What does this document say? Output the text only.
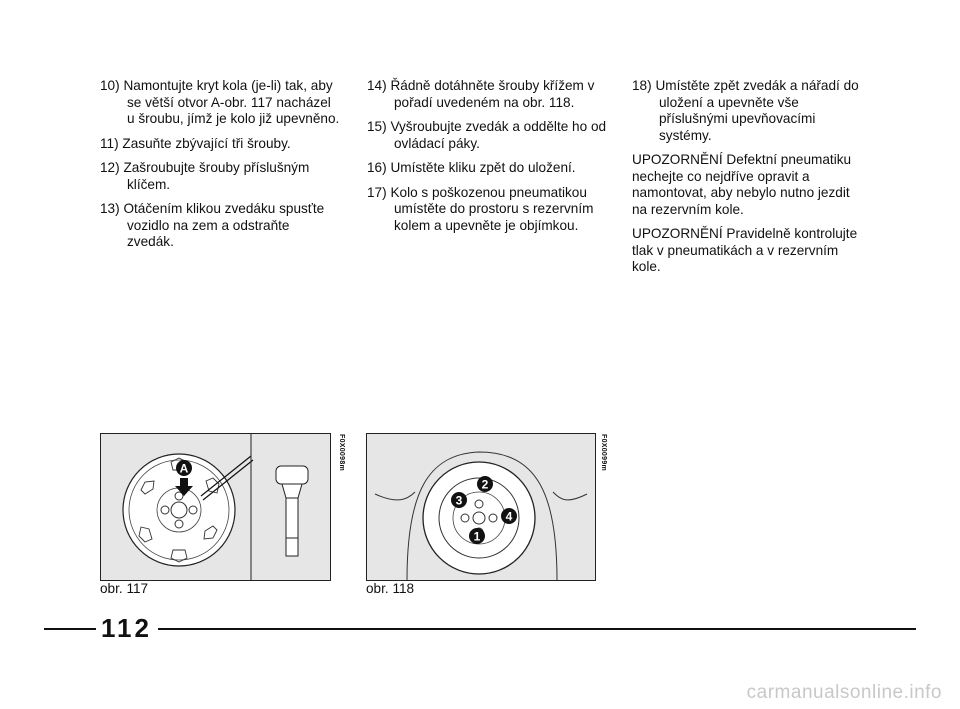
10) Namontujte kryt kola (je-li) tak, aby se větší otvor A-obr. 117 nacházel u šroubu, jímž je kolo již upevněno.
11) Zasuňte zbývající tři šrouby.
12) Zašroubujte šrouby příslušným klíčem.
13) Otáčením klikou zvedáku spusťte vozidlo na zem a odstraňte zvedák.
14) Řádně dotáhněte šrouby křížem v pořadí uvedeném na obr. 118.
15) Vyšroubujte zvedák a oddělte ho od ovládací páky.
16) Umístěte kliku zpět do uložení.
17) Kolo s poškozenou pneumatikou umístěte do prostoru s rezervním kolem a upevněte je objímkou.
18) Umístěte zpět zvedák a nářadí do uložení a upevněte vše příslušnými upevňovacími systémy.
UPOZORNĚNÍ Defektní pneumatiku nechejte co nejdříve opravit a namontovat, aby nebylo nutno jezdit na rezervním kole.
UPOZORNĚNÍ Pravidelně kontrolujte tlak v pneumatikách a v rezervním kole.
A	F0X0098m
obr. 117
2
3
4
1
F0X0099m
obr. 118
112
carmanualsonline.info
